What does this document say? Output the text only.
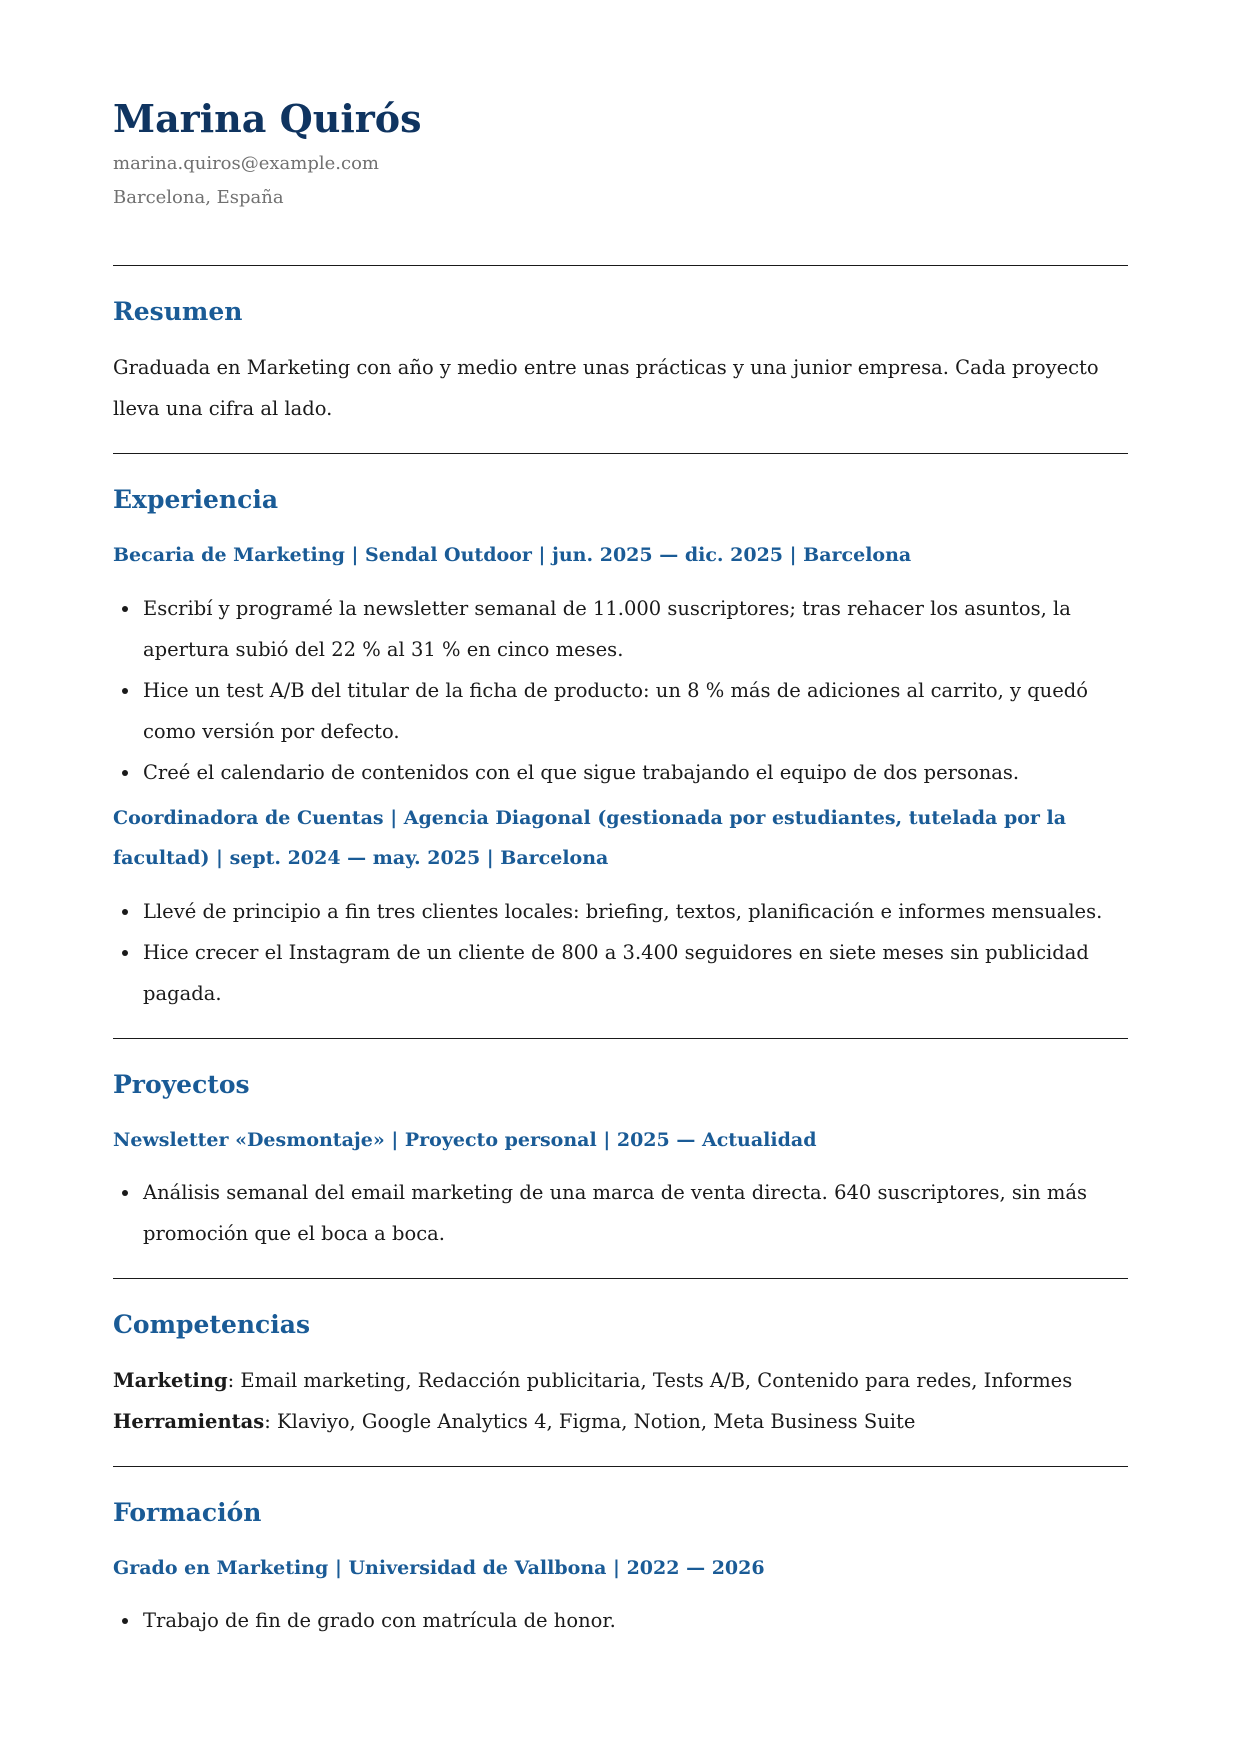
Marina Quirós
marina.quiros@example.com
Barcelona, España
Resumen
Graduada en Marketing con año y medio entre unas prácticas y una junior empresa. Cada proyecto lleva una cifra al lado.
Experiencia
Becaria de Marketing | Sendal Outdoor | jun. 2025 — dic. 2025 | Barcelona
• Escribí y programé la newsletter semanal de 11.000 suscriptores; tras rehacer los asuntos, la apertura subió del 22 % al 31 % en cinco meses.
• Hice un test A/B del titular de la ficha de producto: un 8 % más de adiciones al carrito, y quedó como versión por defecto.
• Creé el calendario de contenidos con el que sigue trabajando el equipo de dos personas.
Coordinadora de Cuentas | Agencia Diagonal (gestionada por estudiantes, tutelada por la facultad) | sept. 2024 — may. 2025 | Barcelona
• Llevé de principio a fin tres clientes locales: briefing, textos, planificación e informes mensuales.
• Hice crecer el Instagram de un cliente de 800 a 3.400 seguidores en siete meses sin publicidad pagada.
Proyectos
Newsletter «Desmontaje» | Proyecto personal | 2025 — Actualidad
• Análisis semanal del email marketing de una marca de venta directa. 640 suscriptores, sin más promoción que el boca a boca.
Competencias
Marketing: Email marketing, Redacción publicitaria, Tests A/B, Contenido para redes, Informes
Herramientas: Klaviyo, Google Analytics 4, Figma, Notion, Meta Business Suite
Formación
Grado en Marketing | Universidad de Vallbona | 2022 — 2026
• Trabajo de fin de grado con matrícula de honor.
